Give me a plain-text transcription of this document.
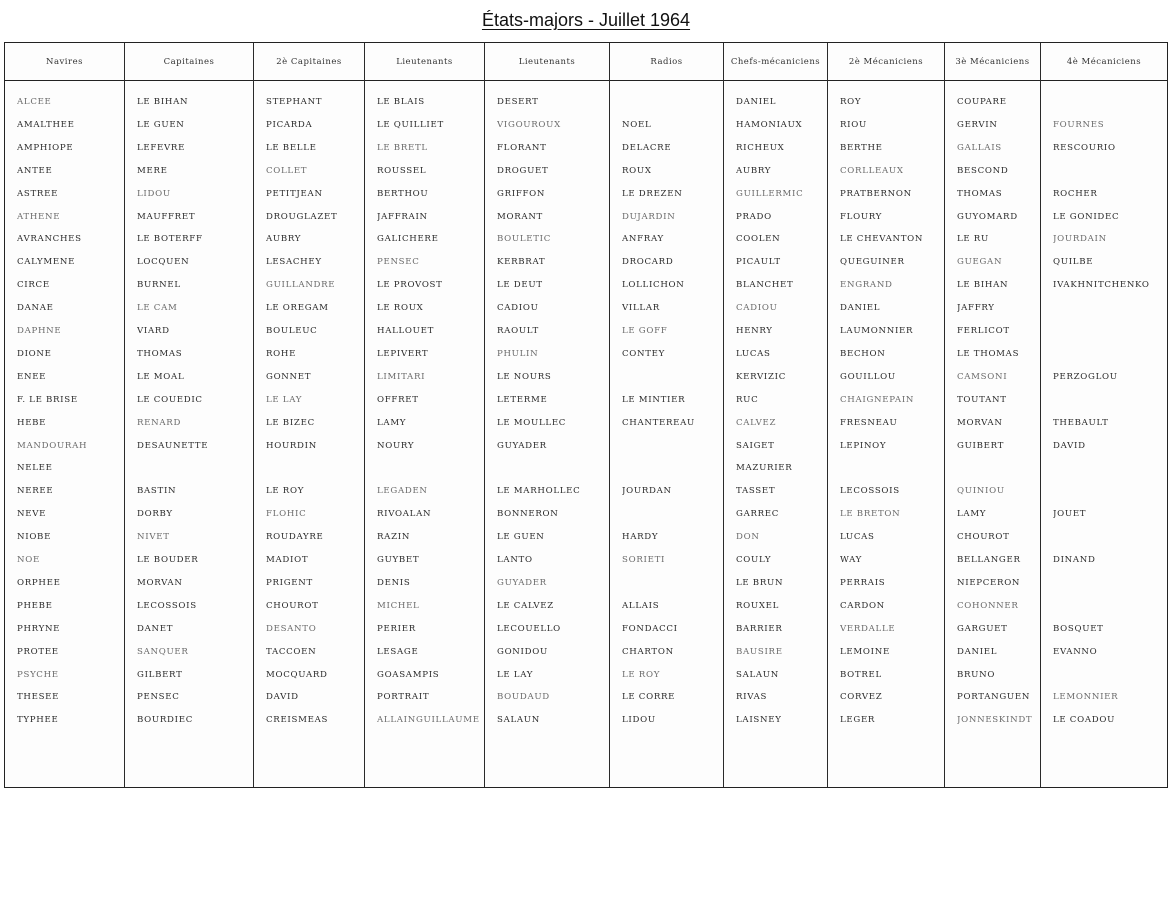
États-majors - Juillet 1964
Navires
ALCEE
AMALTHEE
AMPHIOPE
ANTEE
ASTREE
ATHENE
AVRANCHES
CALYMENE
CIRCE
DANAE
DAPHNE
DIONE
ENEE
F. LE BRISE
HEBE
MANDOURAH
NELEE
NEREE
NEVE
NIOBE
NOE
ORPHEE
PHEBE
PHRYNE
PROTEE
PSYCHE
THESEE
TYPHEE
Capitaines
LE BIHAN
LE GUEN
LEFEVRE
MERE
LIDOU
MAUFFRET
LE BOTERFF
LOCQUEN
BURNEL
LE CAM
VIARD
THOMAS
LE MOAL
LE COUEDIC
RENARD
DESAUNETTE
BASTIN
DORBY
NIVET
LE BOUDER
MORVAN
LECOSSOIS
DANET
SANQUER
GILBERT
PENSEC
BOURDIEC
2è Capitaines
STEPHANT
PICARDA
LE BELLE
COLLET
PETITJEAN
DROUGLAZET
AUBRY
LESACHEY
GUILLANDRE
LE OREGAM
BOULEUC
ROHE
GONNET
LE LAY
LE BIZEC
HOURDIN
LE ROY
FLOHIC
ROUDAYRE
MADIOT
PRIGENT
CHOUROT
DESANTO
TACCOEN
MOCQUARD
DAVID
CREISMEAS
Lieutenants
LE BLAIS
LE QUILLIET
LE BRETL
ROUSSEL
BERTHOU
JAFFRAIN
GALICHERE
PENSEC
LE PROVOST
LE ROUX
HALLOUET
LEPIVERT
LIMITARI
OFFRET
LAMY
NOURY
LEGADEN
RIVOALAN
RAZIN
GUYBET
DENIS
MICHEL
PERIER
LESAGE
GOASAMPIS
PORTRAIT
ALLAINGUILLAUME
Lieutenants
DESERT
VIGOUROUX
FLORANT
DROGUET
GRIFFON
MORANT
BOULETIC
KERBRAT
LE DEUT
CADIOU
RAOULT
PHULIN
LE NOURS
LETERME
LE MOULLEC
GUYADER
LE MARHOLLEC
BONNERON
LE GUEN
LANTO
GUYADER
LE CALVEZ
LECOUELLO
GONIDOU
LE LAY
BOUDAUD
SALAUN
Radios
NOEL
DELACRE
ROUX
LE DREZEN
DUJARDIN
ANFRAY
DROCARD
LOLLICHON
VILLAR
LE GOFF
CONTEY
LE MINTIER
CHANTEREAU
JOURDAN
HARDY
SORIETI
ALLAIS
FONDACCI
CHARTON
LE ROY
LE CORRE
LIDOU
Chefs-mécaniciens
DANIEL
HAMONIAUX
RICHEUX
AUBRY
GUILLERMIC
PRADO
COOLEN
PICAULT
BLANCHET
CADIOU
HENRY
LUCAS
KERVIZIC
RUC
CALVEZ
SAIGET
MAZURIER
TASSET
GARREC
DON
COULY
LE BRUN
ROUXEL
BARRIER
BAUSIRE
SALAUN
RIVAS
LAISNEY
2è Mécaniciens
ROY
RIOU
BERTHE
CORLLEAUX
PRATBERNON
FLOURY
LE CHEVANTON
QUEGUINER
ENGRAND
DANIEL
LAUMONNIER
BECHON
GOUILLOU
CHAIGNEPAIN
FRESNEAU
LEPINOY
LECOSSOIS
LE BRETON
LUCAS
WAY
PERRAIS
CARDON
VERDALLE
LEMOINE
BOTREL
CORVEZ
LEGER
3è Mécaniciens
COUPARE
GERVIN
GALLAIS
BESCOND
THOMAS
GUYOMARD
LE RU
GUEGAN
LE BIHAN
JAFFRY
FERLICOT
LE THOMAS
CAMSONI
TOUTANT
MORVAN
GUIBERT
QUINIOU
LAMY
CHOUROT
BELLANGER
NIEPCERON
COHONNER
GARGUET
DANIEL
BRUNO
PORTANGUEN
JONNESKINDT
4è Mécaniciens
FOURNES
RESCOURIO
ROCHER
LE GONIDEC
JOURDAIN
QUILBE
IVAKHNITCHENKO
PERZOGLOU
THEBAULT
DAVID
JOUET
DINAND
BOSQUET
EVANNO
LEMONNIER
LE COADOU
